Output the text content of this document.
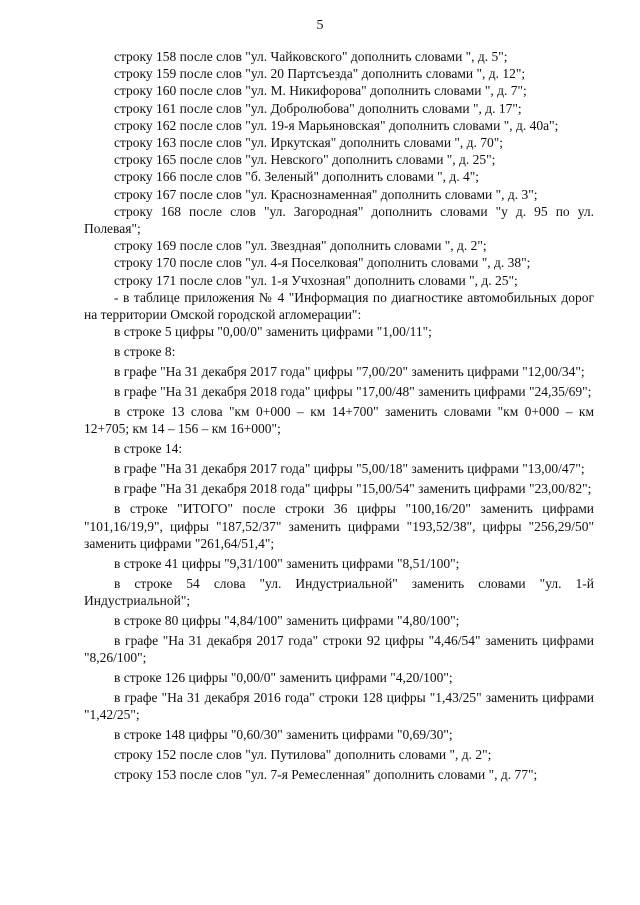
5

строку 158 после слов "ул. Чайковского" дополнить словами ", д. 5";

строку 159 после слов "ул. 20 Партсъезда" дополнить словами ", д. 12";

строку 160 после слов "ул. М. Никифорова" дополнить словами ", д. 7";

строку 161 после слов "ул. Добролюбова" дополнить словами ", д. 17";

строку 162 после слов "ул. 19-я Марьяновская" дополнить словами ", д. 40а";

строку 163 после слов "ул. Иркутская" дополнить словами ", д. 70";

строку 165 после слов "ул. Невского" дополнить словами ", д. 25";

строку 166 после слов "б. Зеленый" дополнить словами ", д. 4";

строку 167 после слов "ул. Краснознаменная" дополнить словами ", д. 3";

строку 168 после слов "ул. Загородная" дополнить словами "у д. 95 по ул. Полевая";

строку 169 после слов "ул. Звездная" дополнить словами ", д. 2";

строку 170 после слов "ул. 4-я Поселковая" дополнить словами ", д. 38";

строку 171 после слов "ул. 1-я Учхозная" дополнить словами ", д. 25";

- в таблице приложения № 4 "Информация по диагностике автомобильных дорог на территории Омской городской агломерации":

в строке 5 цифры "0,00/0" заменить цифрами "1,00/11";

в строке 8:

в графе "На 31 декабря 2017 года" цифры "7,00/20" заменить цифрами "12,00/34";

в графе "На 31 декабря 2018 года" цифры "17,00/48" заменить цифрами "24,35/69";

в строке 13 слова "км 0+000 – км 14+700" заменить словами "км 0+000 – км 12+705; км 14 – 156 – км 16+000";

в строке 14:

в графе "На 31 декабря 2017 года" цифры "5,00/18" заменить цифрами "13,00/47";

в графе "На 31 декабря 2018 года" цифры "15,00/54" заменить цифрами "23,00/82";

в строке "ИТОГО" после строки 36 цифры "100,16/20" заменить цифрами "101,16/19,9", цифры "187,52/37" заменить цифрами "193,52/38", цифры "256,29/50" заменить цифрами "261,64/51,4";

в строке 41 цифры "9,31/100" заменить цифрами "8,51/100";

в строке 54 слова "ул. Индустриальной" заменить словами "ул. 1-й Индустриальной";

в строке 80 цифры "4,84/100" заменить цифрами "4,80/100";

в графе "На 31 декабря 2017 года" строки 92 цифры "4,46/54" заменить цифрами "8,26/100";

в строке 126 цифры "0,00/0" заменить цифрами "4,20/100";

в графе "На 31 декабря 2016 года" строки 128 цифры "1,43/25" заменить цифрами "1,42/25";

в строке 148 цифры "0,60/30" заменить цифрами "0,69/30";

строку 152 после слов "ул. Путилова" дополнить словами ", д. 2";

строку 153 после слов "ул. 7-я Ремесленная" дополнить словами ", д. 77";
